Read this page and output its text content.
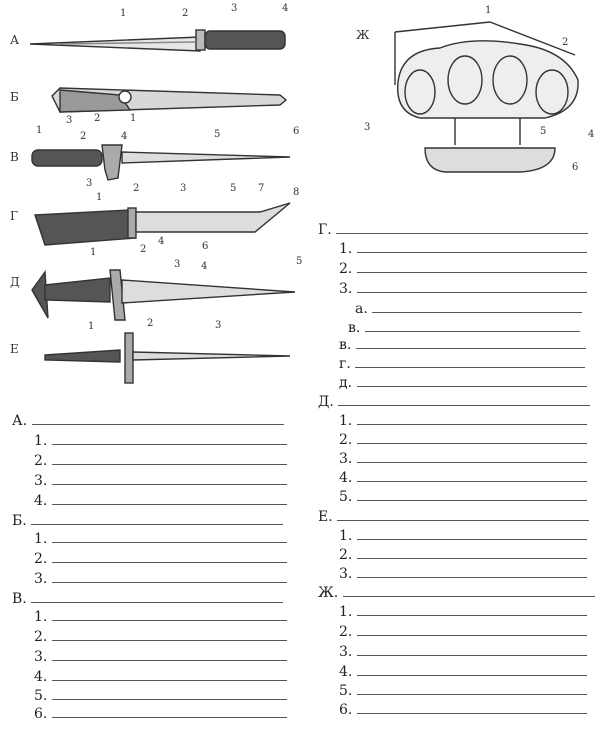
А
Б
В
Г
Д
Е
Ж
1	2	3	4
1
2
3
1
2
3
4	5	6
1
2	3
4
5
6
7	8
1	2
3 4	5
1	2	3
1
2
3
4
5
6
А.
1.
2.
3.
4.
Б.
1.
2.
3.
В.
1.
2.
3.
4.
5.
6.
Г.
1.
2.
3.
а.
в.
в.
г.
д.
Д.
1.
2.
3.
4.
5.
Е.
1.
2.
3.
Ж.
1.
2.
3.
4.
5.
6.
